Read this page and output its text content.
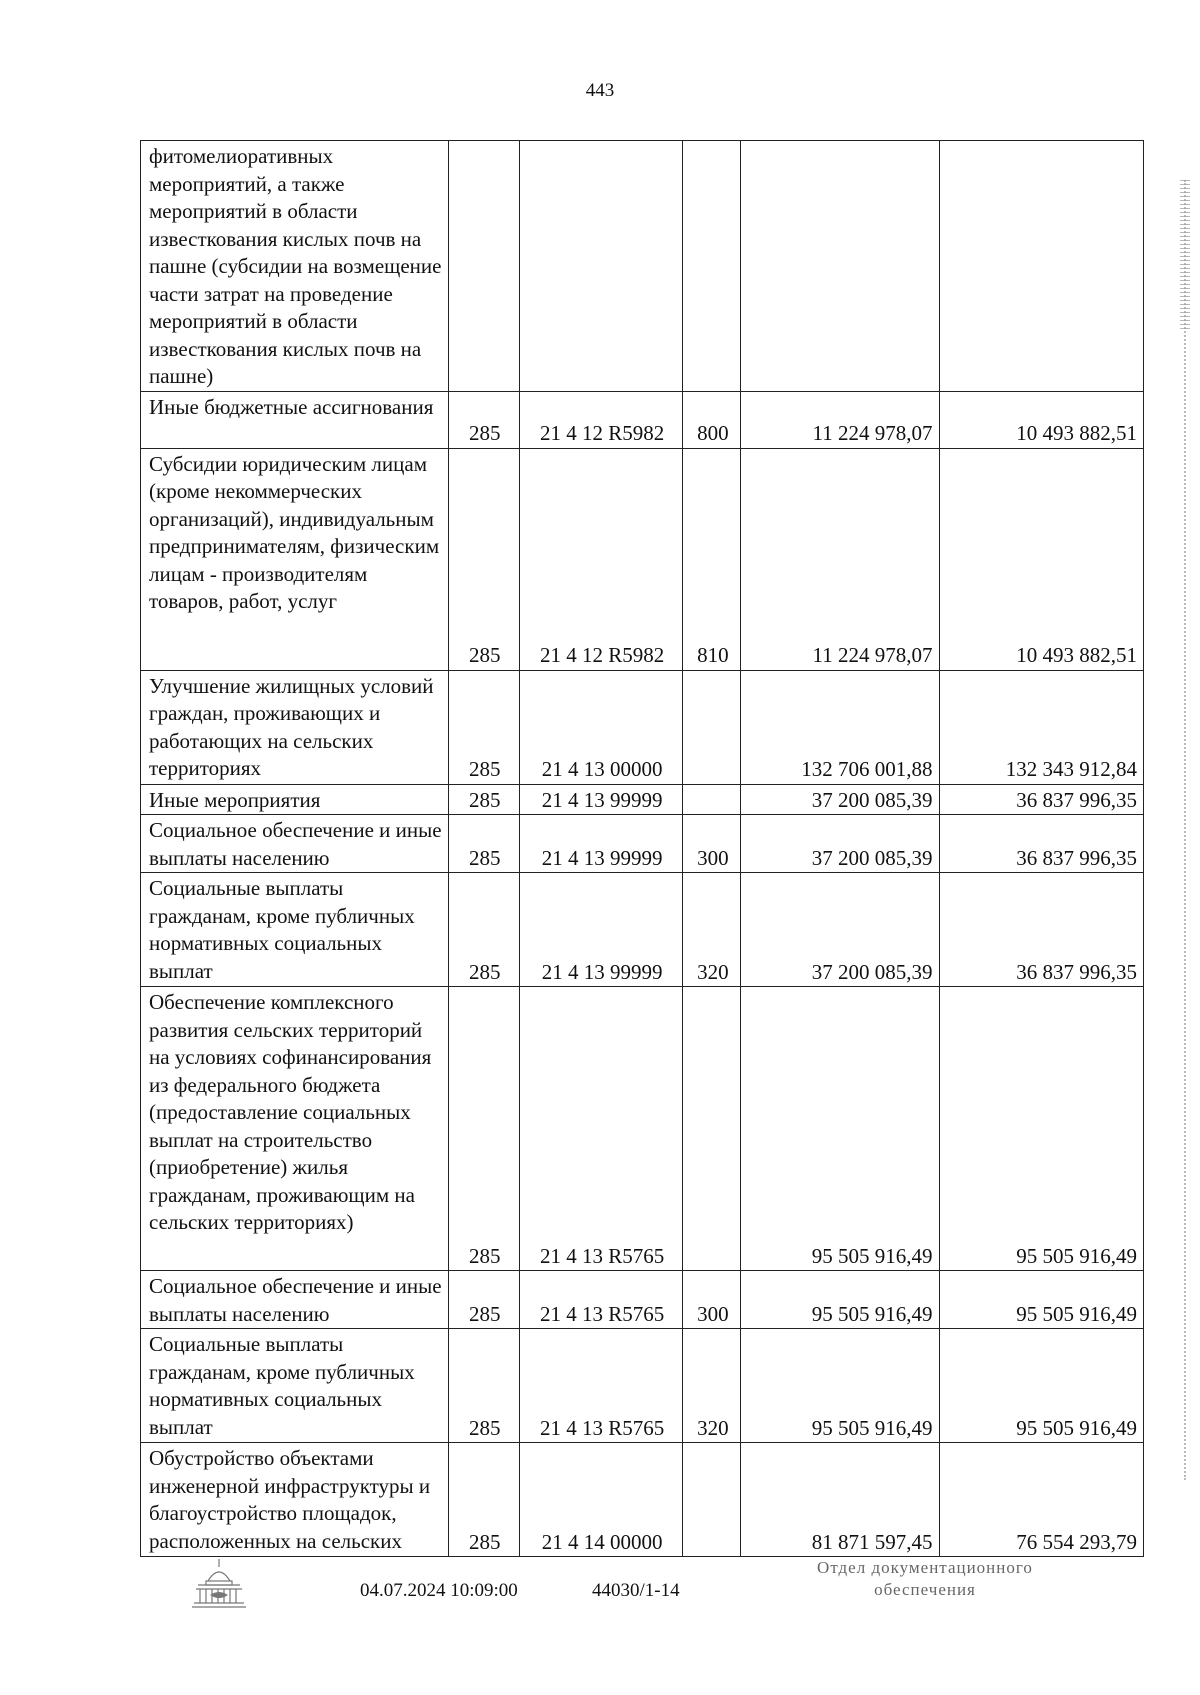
443
фитомелиоративных мероприятий, а также мероприятий в области известкования кислых почв на пашне (субсидии на возмещение части затрат на проведение мероприятий в области известкования кислых почв на пашне)					
Иные бюджетные ассигнования	285	21 4 12 R5982	800	11 224 978,07	10 493 882,51
Субсидии юридическим лицам (кроме некоммерческих организаций), индивидуальным предпринимателям, физическим лицам - производителям товаров, работ, услуг	285	21 4 12 R5982	810	11 224 978,07	10 493 882,51
Улучшение жилищных условий граждан, проживающих и работающих на сельских территориях	285	21 4 13 00000		132 706 001,88	132 343 912,84
Иные мероприятия	285	21 4 13 99999		37 200 085,39	36 837 996,35
Социальное обеспечение и иные выплаты населению	285	21 4 13 99999	300	37 200 085,39	36 837 996,35
Социальные выплаты гражданам, кроме публичных нормативных социальных выплат	285	21 4 13 99999	320	37 200 085,39	36 837 996,35
Обеспечение комплексного развития сельских территорий на условиях софинансирования из федерального бюджета (предоставление социальных выплат на строительство (приобретение) жилья гражданам, проживающим на сельских территориях)	285	21 4 13 R5765		95 505 916,49	95 505 916,49
Социальное обеспечение и иные выплаты населению	285	21 4 13 R5765	300	95 505 916,49	95 505 916,49
Социальные выплаты гражданам, кроме публичных нормативных социальных выплат	285	21 4 13 R5765	320	95 505 916,49	95 505 916,49
Обустройство объектами инженерной инфраструктуры и благоустройство площадок, расположенных на сельских	285	21 4 14 00000		81 871 597,45	76 554 293,79
04.07.2024 10:09:00	44030/1-14
Отдел документационного
обеспечения
